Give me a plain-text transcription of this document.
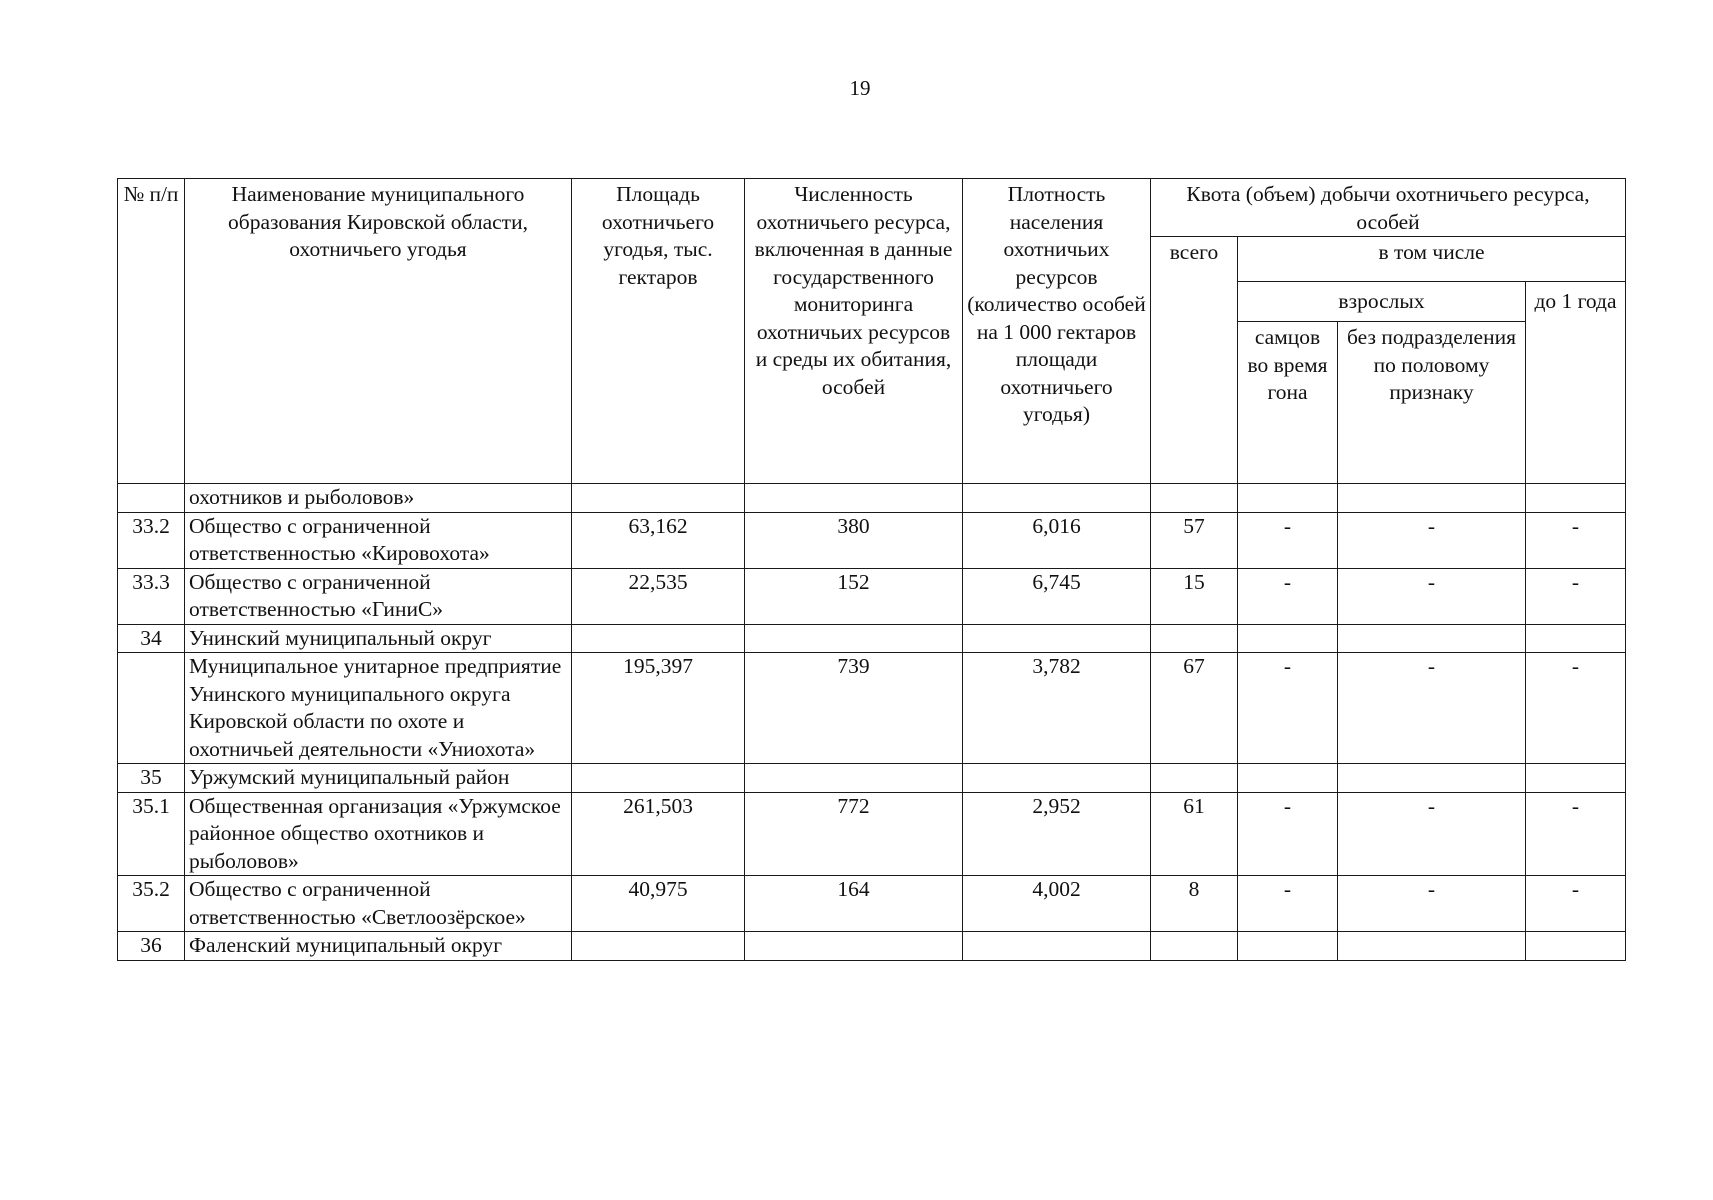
19
№ п/п	Наименование муниципального образования Кировской области, охотничьего угодья	Площадь охотничьего угодья, тыс. гектаров	Численность охотничьего ресурса, включенная в данные государственного мониторинга охотничьих ресурсов и среды их обитания, особей	Плотность населения охотничьих ресурсов (количество особей на 1 000 гектаров площади охотничьего угодья)	Квота (объем) добычи охотничьего ресурса, особей			
					всего	в том числе		
						взрослых		до 1 года
						самцов во время гона	без подразделения по половому признаку	
	охотников и рыболовов»							
33.2	Общество с ограниченной ответственностью «Кировохота»	63,162	380	6,016	57	-	-	-
33.3	Общество с ограниченной ответственностью «ГиниС»	22,535	152	6,745	15	-	-	-
34	Унинский муниципальный округ							
	Муниципальное унитарное предприятие Унинского муниципального округа Кировской области по охоте и охотничьей деятельности «Униохота»	195,397	739	3,782	67	-	-	-
35	Уржумский муниципальный район							
35.1	Общественная организация «Уржумское районное общество охотников и рыболовов»	261,503	772	2,952	61	-	-	-
35.2	Общество с ограниченной ответственностью «Светлоозёрское»	40,975	164	4,002	8	-	-	-
36	Фаленский муниципальный округ							
